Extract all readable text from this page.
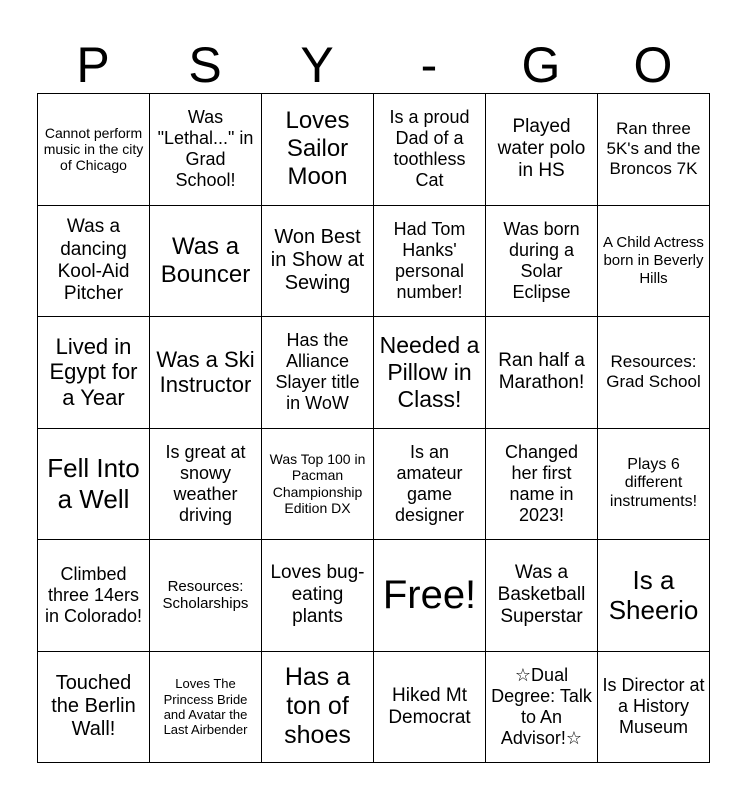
P	S	Y	-	G	O
Cannot perform music in the city of Chicago	Was "Lethal..." in Grad School!	Loves Sailor Moon	Is a proud Dad of a toothless Cat	Played water polo in HS	Ran three 5K's and the Broncos 7K

Was a dancing Kool-Aid Pitcher	Was a Bouncer	Won Best in Show at Sewing	Had Tom Hanks' personal number!	Was born during a Solar Eclipse	A Child Actress born in Beverly Hills

Lived in Egypt for a Year	Was a Ski Instructor	Has the Alliance Slayer title in WoW	Needed a Pillow in Class!	Ran half a Marathon!	Resources: Grad School

Fell Into a Well	Is great at snowy weather driving	Was Top 100 in Pacman Championship Edition DX	Is an amateur game designer	Changed her first name in 2023!	Plays 6 different instruments!

Climbed three 14ers in Colorado!	Resources: Scholarships	Loves bug-eating plants	Free!	Was a Basketball Superstar	Is a Sheerio

Touched the Berlin Wall!	Loves The Princess Bride and Avatar the Last Airbender	Has a ton of shoes	Hiked Mt Democrat	☆Dual Degree: Talk to An Advisor!☆	Is Director at a History Museum
